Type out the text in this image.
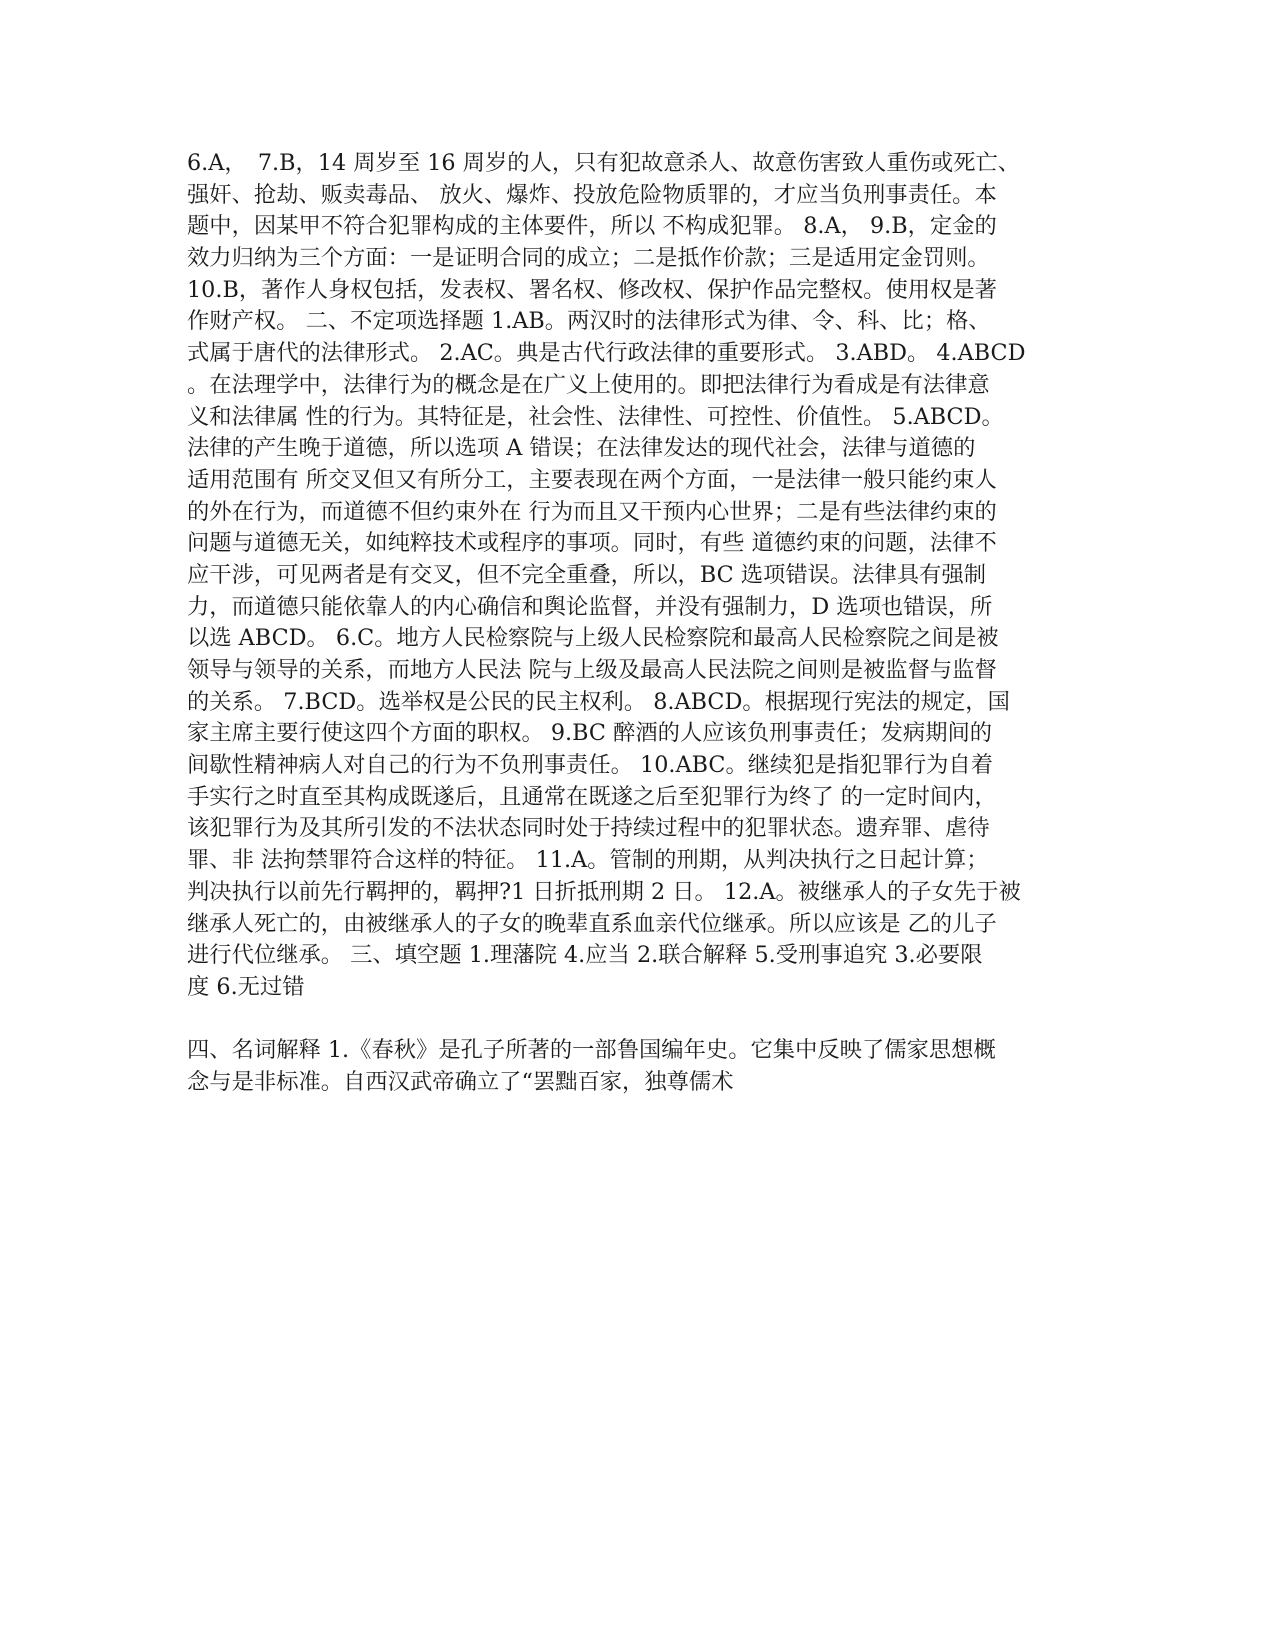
6.A，　7.B，14 周岁至 16 周岁的人，只有犯故意杀人、故意伤害致人重伤或死亡、
强奸、抢劫、贩卖毒品、 放火、爆炸、投放危险物质罪的，才应当负刑事责任。本
题中，因某甲不符合犯罪构成的主体要件，所以 不构成犯罪。 8.A， 9.B，定金的
效力归纳为三个方面：一是证明合同的成立；二是抵作价款；三是适用定金罚则。
10.B，著作人身权包括，发表权、署名权、修改权、保护作品完整权。使用权是著
作财产权。 二、不定项选择题 1.AB。两汉时的法律形式为律、令、科、比；格、
式属于唐代的法律形式。 2.AC。典是古代行政法律的重要形式。 3.ABD。 4.ABCD
。在法理学中，法律行为的概念是在广义上使用的。即把法律行为看成是有法律意
义和法律属 性的行为。其特征是，社会性、法律性、可控性、价值性。 5.ABCD。
法律的产生晚于道德，所以选项 A 错误；在法律发达的现代社会，法律与道德的
适用范围有 所交叉但又有所分工，主要表现在两个方面，一是法律一般只能约束人
的外在行为，而道德不但约束外在 行为而且又干预内心世界；二是有些法律约束的
问题与道德无关，如纯粹技术或程序的事项。同时，有些 道德约束的问题，法律不
应干涉，可见两者是有交叉，但不完全重叠，所以，BC 选项错误。法律具有强制
力，而道德只能依靠人的内心确信和舆论监督，并没有强制力，D 选项也错误，所
以选 ABCD。 6.C。地方人民检察院与上级人民检察院和最高人民检察院之间是被
领导与领导的关系，而地方人民法 院与上级及最高人民法院之间则是被监督与监督
的关系。 7.BCD。选举权是公民的民主权利。 8.ABCD。根据现行宪法的规定，国
家主席主要行使这四个方面的职权。 9.BC 醉酒的人应该负刑事责任；发病期间的
间歇性精神病人对自己的行为不负刑事责任。 10.ABC。继续犯是指犯罪行为自着
手实行之时直至其构成既遂后，且通常在既遂之后至犯罪行为终了 的一定时间内，
该犯罪行为及其所引发的不法状态同时处于持续过程中的犯罪状态。遗弃罪、虐待
罪、非 法拘禁罪符合这样的特征。 11.A。管制的刑期，从判决执行之日起计算；
判决执行以前先行羁押的，羁押?1 日折抵刑期 2 日。 12.A。被继承人的子女先于被
继承人死亡的，由被继承人的子女的晚辈直系血亲代位继承。所以应该是 乙的儿子
进行代位继承。 三、填空题 1.理藩院 4.应当 2.联合解释 5.受刑事追究 3.必要限
度 6.无过错
四、名词解释 1.《春秋》是孔子所著的一部鲁国编年史。它集中反映了儒家思想概
念与是非标准。自西汉武帝确立了“罢黜百家，独尊儒术
